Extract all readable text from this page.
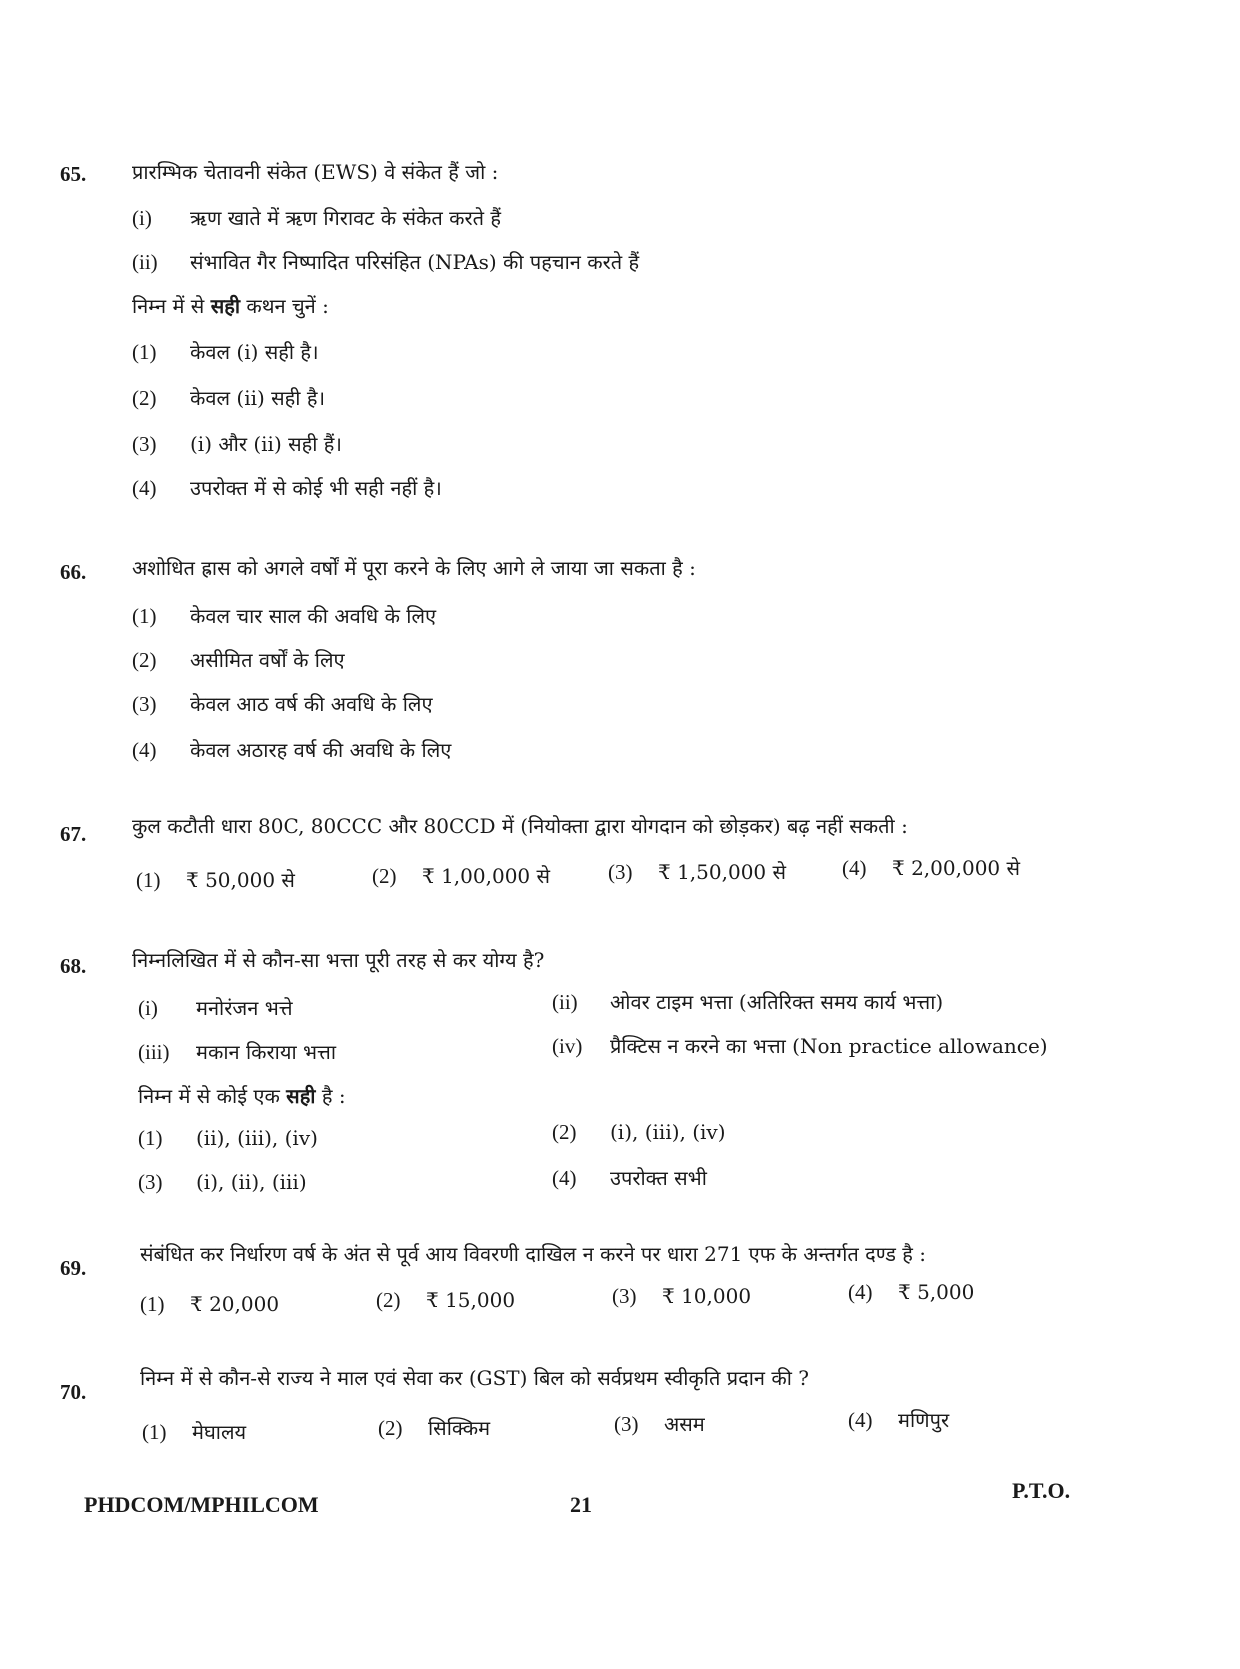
65. प्रारम्भिक चेतावनी संकेत (EWS) वे संकेत हैं जो :
(i) ऋण खाते में ऋण गिरावट के संकेत करते हैं
(ii) संभावित गैर निष्पादित परिसंहित (NPAs) की पहचान करते हैं
निम्न में से सही कथन चुनें :
(1) केवल (i) सही है।
(2) केवल (ii) सही है।
(3) (i) और (ii) सही हैं।
(4) उपरोक्त में से कोई भी सही नहीं है।
66. अशोधित ह्रास को अगले वर्षों में पूरा करने के लिए आगे ले जाया जा सकता है :
(1) केवल चार साल की अवधि के लिए
(2) असीमित वर्षों के लिए
(3) केवल आठ वर्ष की अवधि के लिए
(4) केवल अठारह वर्ष की अवधि के लिए
67. कुल कटौती धारा 80C, 80CCC और 80CCD में (नियोक्ता द्वारा योगदान को छोड़कर) बढ़ नहीं सकती :
(1) ₹ 50,000 से	(2) ₹ 1,00,000 से	(3) ₹ 1,50,000 से	(4) ₹ 2,00,000 से
68. निम्नलिखित में से कौन-सा भत्ता पूरी तरह से कर योग्य है?
(i) मनोरंजन भत्ते	(ii) ओवर टाइम भत्ता (अतिरिक्त समय कार्य भत्ता)
(iii) मकान किराया भत्ता	(iv) प्रैक्टिस न करने का भत्ता (Non practice allowance)
निम्न में से कोई एक सही है :
(1) (ii), (iii), (iv)	(2) (i), (iii), (iv)
(3) (i), (ii), (iii)	(4) उपरोक्त सभी
69.
संबंधित कर निर्धारण वर्ष के अंत से पूर्व आय विवरणी दाखिल न करने पर धारा 271 एफ के अन्तर्गत दण्ड है :
(1) ₹ 20,000	(2) ₹ 15,000	(3) ₹ 10,000	(4) ₹ 5,000
70.
निम्न में से कौन-से राज्य ने माल एवं सेवा कर (GST) बिल को सर्वप्रथम स्वीकृति प्रदान की ?
(1) मेघालय	(2) सिक्किम	(3) असम	(4) मणिपुर
PHDCOM/MPHILCOM	21
P.T.O.
